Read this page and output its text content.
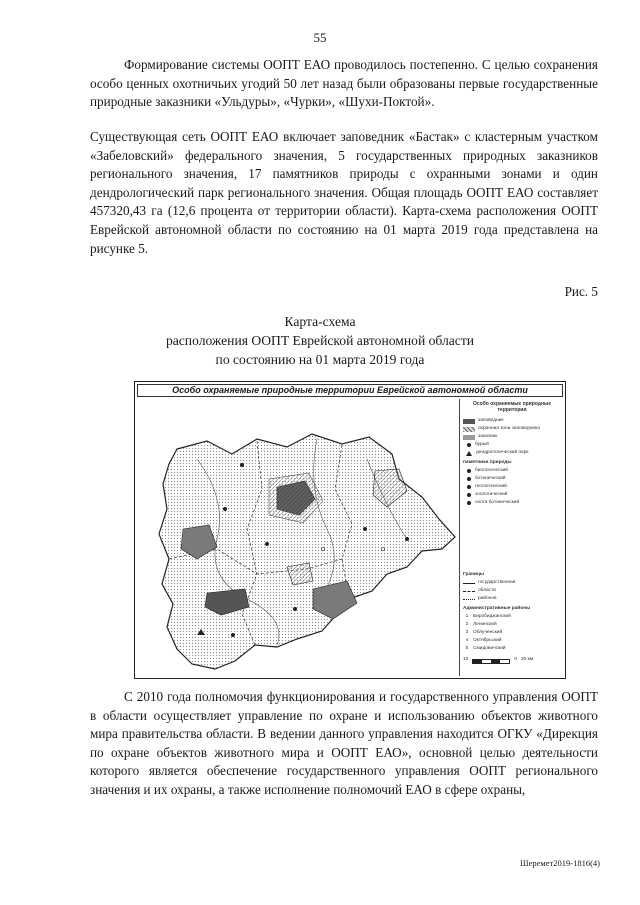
55

Формирование системы ООПТ ЕАО проводилось постепенно. С целью сохранения особо ценных охотничьих угодий 50 лет назад были образованы первые государственные природные заказники «Ульдуры», «Чурки», «Шухи-Поктой».

Существующая сеть ООПТ ЕАО включает заповедник «Бастак» с кластерным участком «Забеловский» федерального значения, 5 государственных природных заказников регионального значения, 17 памятников природы с охранными зонами и один дендрологический парк регионального значения. Общая площадь ООПТ ЕАО составляет 457320,43 га (12,6 процента от территории области). Карта-схема расположения ООПТ Еврейской автономной области по состоянию на 01 марта 2019 года представлена на рисунке 5.

Рис. 5
Карта-схема
расположения ООПТ Еврейской автономной области
по состоянию на 01 марта 2019 года
Особо охраняемые природные территории Еврейской автономной области
Особо охраняемые природные территории
заповедник
охранная зона заповедника
заказник
бурый
дендрологический парк
памятники природы
биологический
ботанический
геологический
зоологический
охота ботанический
Границы
государственная
области
районов
Административные районы
1 Биробиджанский
2 Ленинский
3 Облученский
4 Октябрьский
5 Смидовичский
10	0 20 км

С 2010 года полномочия функционирования и государственного управления ООПТ в области осуществляет управление по охране и использованию объектов животного мира правительства области. В ведении данного управления находится ОГКУ «Дирекция по охране объектов животного мира и ООПТ ЕАО», основной целью деятельности которого является обеспечение государственного управления ООПТ регионального значения и их охраны, а также исполнение полномочий ЕАО в сфере охраны,

Шеремет2019-1816(4)
